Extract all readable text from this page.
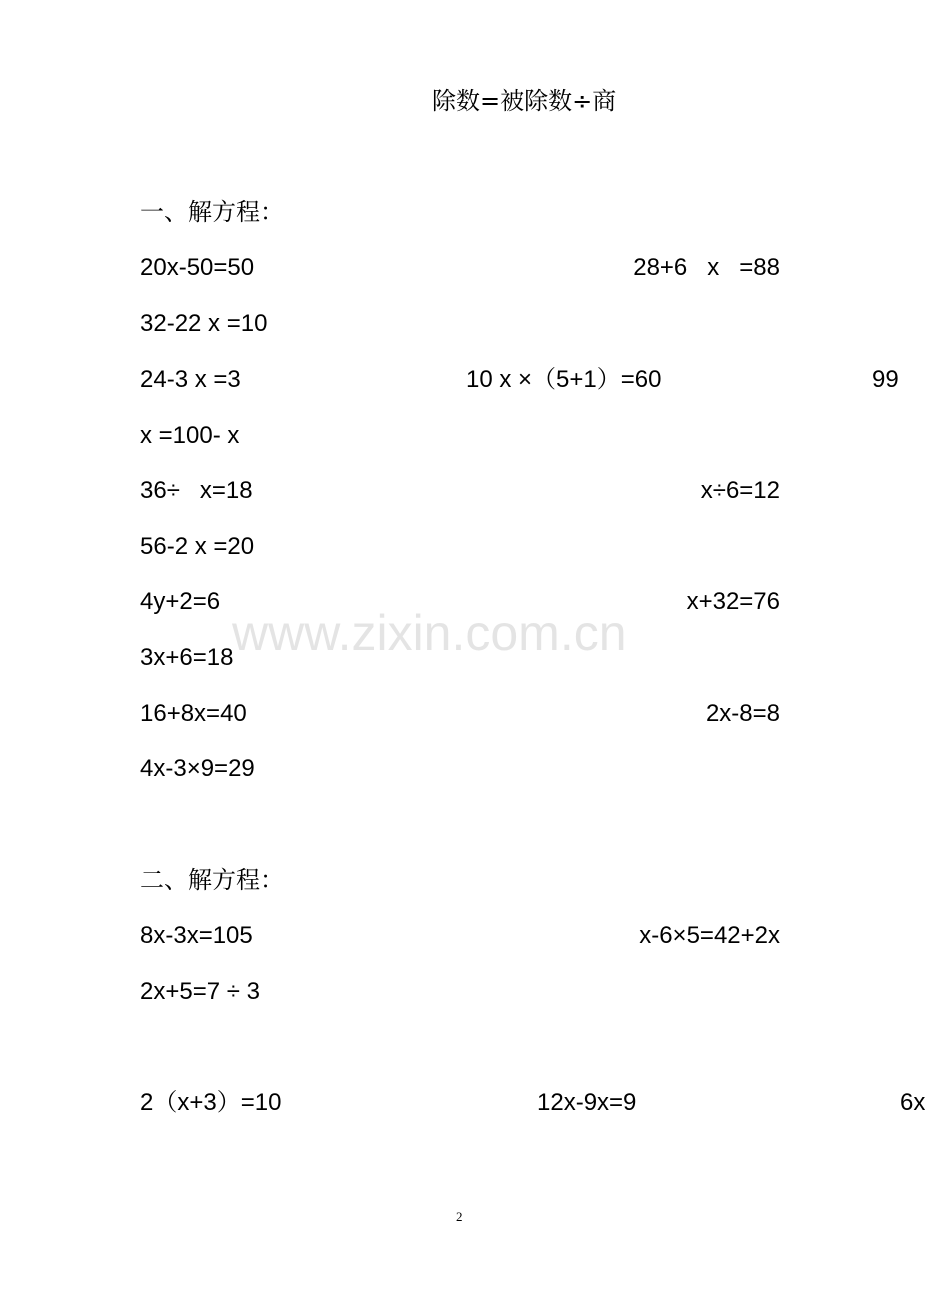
除数=被除数÷商
一、解方程：
20x-50=50	28+6   x   =88
32-22 x =10
24-3 x =3	10 x ×（5+1）=60	99
x =100- x
36÷   x=18	x÷6=12
56-2 x =20
4y+2=6	x+32=76
3x+6=18
16+8x=40	2x-8=8
4x-3×9=29
二、解方程：
8x-3x=105	x-6×5=42+2x
2x+5=7 ÷ 3
2（x+3）=10	12x-9x=9	6x
www.zixin.com.cn
2
